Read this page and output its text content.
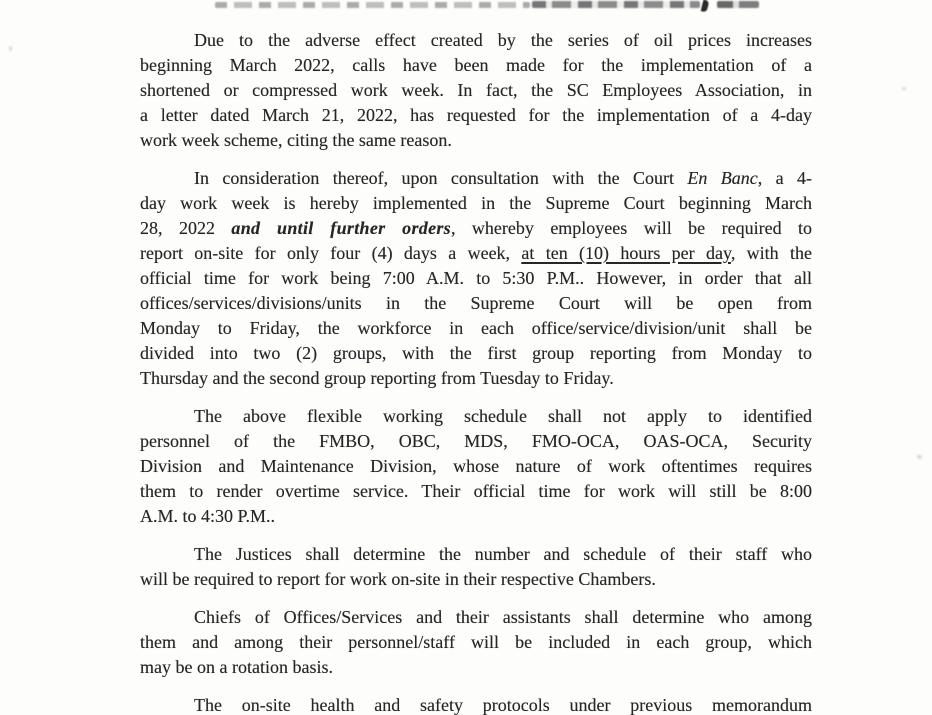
Due to the adverse effect created by the series of oil prices increases
beginning March 2022, calls have been made for the implementation of a
shortened or compressed work week. In fact, the SC Employees Association, in
a letter dated March 21, 2022, has requested for the implementation of a 4-day
work week scheme, citing the same reason.
In consideration thereof, upon consultation with the Court En Banc, a 4-
day work week is hereby implemented in the Supreme Court beginning March
28, 2022 and until further orders, whereby employees will be required to
report on-site for only four (4) days a week, at ten (10) hours per day, with the
official time for work being 7:00 A.M. to 5:30 P.M.. However, in order that all
offices/services/divisions/units in the Supreme Court will be open from
Monday to Friday, the workforce in each office/service/division/unit shall be
divided into two (2) groups, with the first group reporting from Monday to
Thursday and the second group reporting from Tuesday to Friday.
The above flexible working schedule shall not apply to identified
personnel of the FMBO, OBC, MDS, FMO-OCA, OAS-OCA, Security
Division and Maintenance Division, whose nature of work oftentimes requires
them to render overtime service. Their official time for work will still be 8:00
A.M. to 4:30 P.M..
The Justices shall determine the number and schedule of their staff who
will be required to report for work on-site in their respective Chambers.
Chiefs of Offices/Services and their assistants shall determine who among
them and among their personnel/staff will be included in each group, which
may be on a rotation basis.
The on-site health and safety protocols under previous memorandum
